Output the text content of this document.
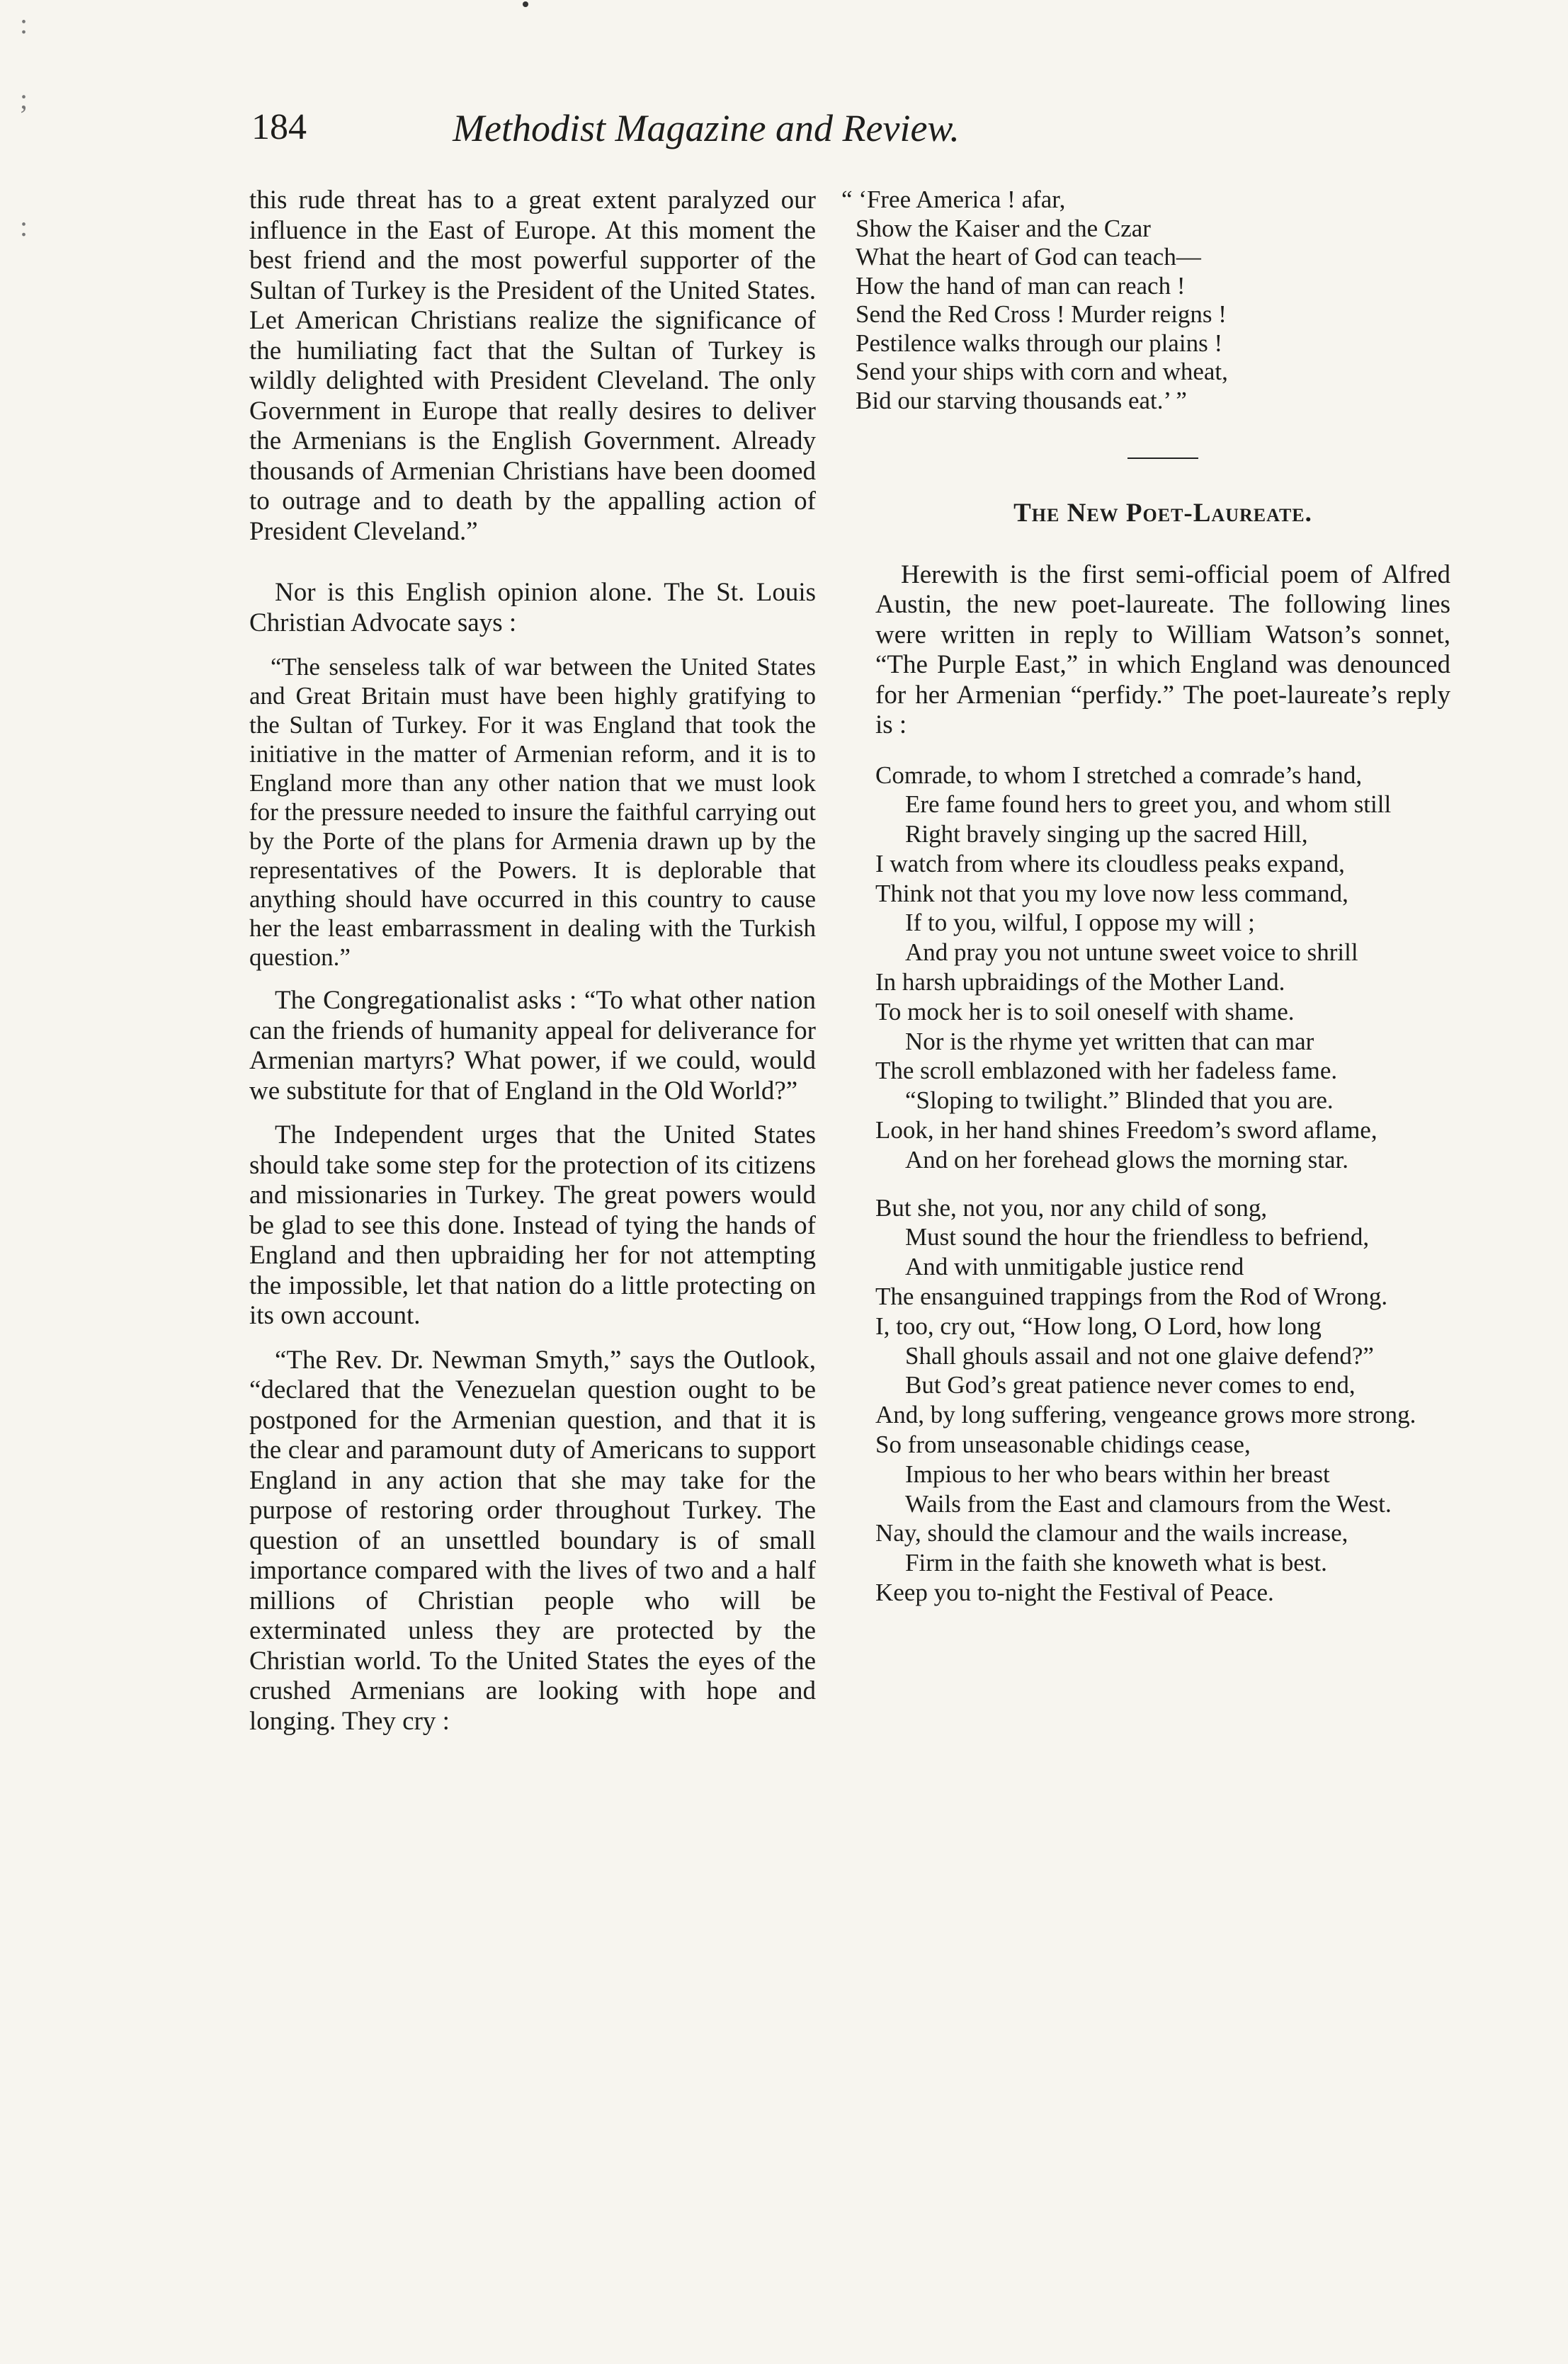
:
;
:
184	Methodist Magazine and Review.

this rude threat has to a great extent paralyzed our influence in the East of Europe. At this moment the best friend and the most powerful supporter of the Sultan of Turkey is the President of the United States. Let American Christians realize the significance of the humiliating fact that the Sultan of Turkey is wildly delighted with President Cleveland. The only Government in Europe that really desires to deliver the Armenians is the English Government. Already thousands of Armenian Christians have been doomed to outrage and to death by the appalling action of President Cleveland.”

Nor is this English opinion alone. The St. Louis Christian Advocate says :

“The senseless talk of war between the United States and Great Britain must have been highly gratifying to the Sultan of Turkey. For it was England that took the initiative in the matter of Armenian reform, and it is to England more than any other nation that we must look for the pressure needed to insure the faithful carrying out by the Porte of the plans for Armenia drawn up by the representatives of the Powers. It is deplorable that anything should have occurred in this country to cause her the least embarrassment in dealing with the Turkish question.”

The Congregationalist asks : “To what other nation can the friends of humanity appeal for deliverance for Armenian martyrs? What power, if we could, would we substitute for that of England in the Old World?”

The Independent urges that the United States should take some step for the protection of its citizens and missionaries in Turkey. The great powers would be glad to see this done. Instead of tying the hands of England and then upbraiding her for not attempting the impossible, let that nation do a little protecting on its own account.

“The Rev. Dr. Newman Smyth,” says the Outlook, “declared that the Venezuelan question ought to be postponed for the Armenian question, and that it is the clear and paramount duty of Americans to support England in any action that she may take for the purpose of restoring order throughout Turkey. The question of an unsettled boundary is of small importance compared with the lives of two and a half millions of Christian people who will be exterminated unless they are protected by the Christian world. To the United States the eyes of the crushed Armenians are looking with hope and longing. They cry :

“ ‘Free America ! afar,

Show the Kaiser and the Czar

What the heart of God can teach—

How the hand of man can reach !

Send the Red Cross ! Murder reigns !

Pestilence walks through our plains !

Send your ships with corn and wheat,

Bid our starving thousands eat.’ ”

The New Poet-Laureate.

Herewith is the first semi-official poem of Alfred Austin, the new poet-laureate. The following lines were written in reply to William Watson’s sonnet, “The Purple East,” in which England was denounced for her Armenian “perfidy.” The poet-laureate’s reply is :

Comrade, to whom I stretched a comrade’s hand,

Ere fame found hers to greet you, and whom still

Right bravely singing up the sacred Hill,

I watch from where its cloudless peaks expand,

Think not that you my love now less command,

If to you, wilful, I oppose my will ;

And pray you not untune sweet voice to shrill

In harsh upbraidings of the Mother Land.

To mock her is to soil oneself with shame.

Nor is the rhyme yet written that can mar

The scroll emblazoned with her fadeless fame.

“Sloping to twilight.” Blinded that you are.

Look, in her hand shines Freedom’s sword aflame,

And on her forehead glows the morning star.

But she, not you, nor any child of song,

Must sound the hour the friendless to befriend,

And with unmitigable justice rend

The ensanguined trappings from the Rod of Wrong.

I, too, cry out, “How long, O Lord, how long

Shall ghouls assail and not one glaive defend?”

But God’s great patience never comes to end,

And, by long suffering, vengeance grows more strong.

So from unseasonable chidings cease,

Impious to her who bears within her breast

Wails from the East and clamours from the West.

Nay, should the clamour and the wails increase,

Firm in the faith she knoweth what is best.

Keep you to-night the Festival of Peace.
